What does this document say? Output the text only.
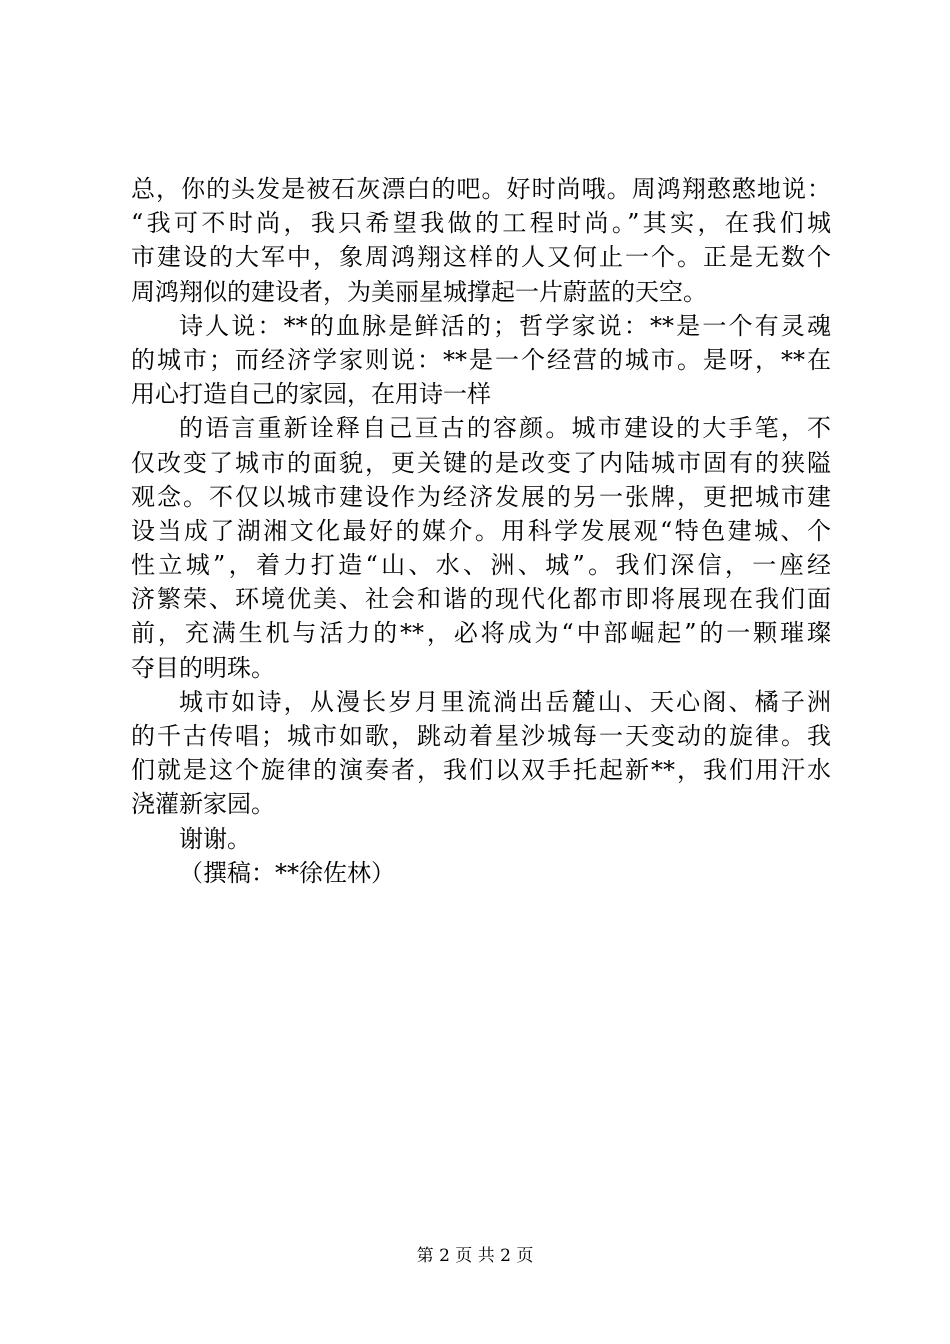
总，你的头发是被石灰漂白的吧。好时尚哦。周鸿翔憨憨地说：
“我可不时尚，我只希望我做的工程时尚。”其实，在我们城
市建设的大军中，象周鸿翔这样的人又何止一个。正是无数个
周鸿翔似的建设者，为美丽星城撑起一片蔚蓝的天空。
诗人说：**的血脉是鲜活的；哲学家说：**是一个有灵魂
的城市；而经济学家则说：**是一个经营的城市。是呀，**在
用心打造自己的家园，在用诗一样
的语言重新诠释自己亘古的容颜。城市建设的大手笔，不
仅改变了城市的面貌，更关键的是改变了内陆城市固有的狭隘
观念。不仅以城市建设作为经济发展的另一张牌，更把城市建
设当成了湖湘文化最好的媒介。用科学发展观“特色建城、个
性立城”，着力打造“山、水、洲、城”。我们深信，一座经
济繁荣、环境优美、社会和谐的现代化都市即将展现在我们面
前，充满生机与活力的**，必将成为“中部崛起”的一颗璀璨
夺目的明珠。
城市如诗，从漫长岁月里流淌出岳麓山、天心阁、橘子洲
的千古传唱；城市如歌，跳动着星沙城每一天变动的旋律。我
们就是这个旋律的演奏者，我们以双手托起新**，我们用汗水
浇灌新家园。
谢谢。
（撰稿：**徐佐林）
第 2 页 共 2 页
